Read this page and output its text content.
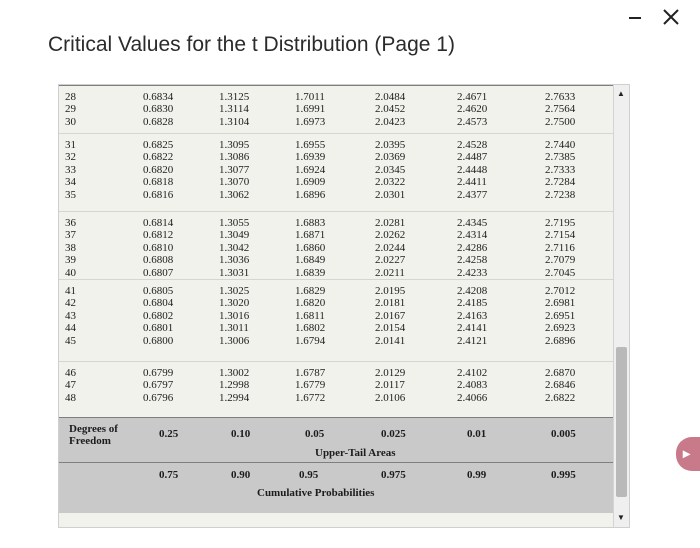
Critical Values for the t Distribution (Page 1)
28	0.6834	1.3125	1.7011	2.0484	2.4671	2.7633
29	0.6830	1.3114	1.6991	2.0452	2.4620	2.7564
30	0.6828	1.3104	1.6973	2.0423	2.4573	2.7500
31	0.6825	1.3095	1.6955	2.0395	2.4528	2.7440
32	0.6822	1.3086	1.6939	2.0369	2.4487	2.7385
33	0.6820	1.3077	1.6924	2.0345	2.4448	2.7333
34	0.6818	1.3070	1.6909	2.0322	2.4411	2.7284
35	0.6816	1.3062	1.6896	2.0301	2.4377	2.7238
36	0.6814	1.3055	1.6883	2.0281	2.4345	2.7195
37	0.6812	1.3049	1.6871	2.0262	2.4314	2.7154
38	0.6810	1.3042	1.6860	2.0244	2.4286	2.7116
39	0.6808	1.3036	1.6849	2.0227	2.4258	2.7079
40	0.6807	1.3031	1.6839	2.0211	2.4233	2.7045
41	0.6805	1.3025	1.6829	2.0195	2.4208	2.7012
42	0.6804	1.3020	1.6820	2.0181	2.4185	2.6981
43	0.6802	1.3016	1.6811	2.0167	2.4163	2.6951
44	0.6801	1.3011	1.6802	2.0154	2.4141	2.6923
45	0.6800	1.3006	1.6794	2.0141	2.4121	2.6896
46	0.6799	1.3002	1.6787	2.0129	2.4102	2.6870
47	0.6797	1.2998	1.6779	2.0117	2.4083	2.6846
48	0.6796	1.2994	1.6772	2.0106	2.4066	2.6822
Degrees of
Freedom
0.25	0.10	0.05	0.025	0.01	0.005
Upper-Tail Areas
0.75	0.90	0.95	0.975	0.99	0.995
Cumulative Probabilities
▲
▼
▸
